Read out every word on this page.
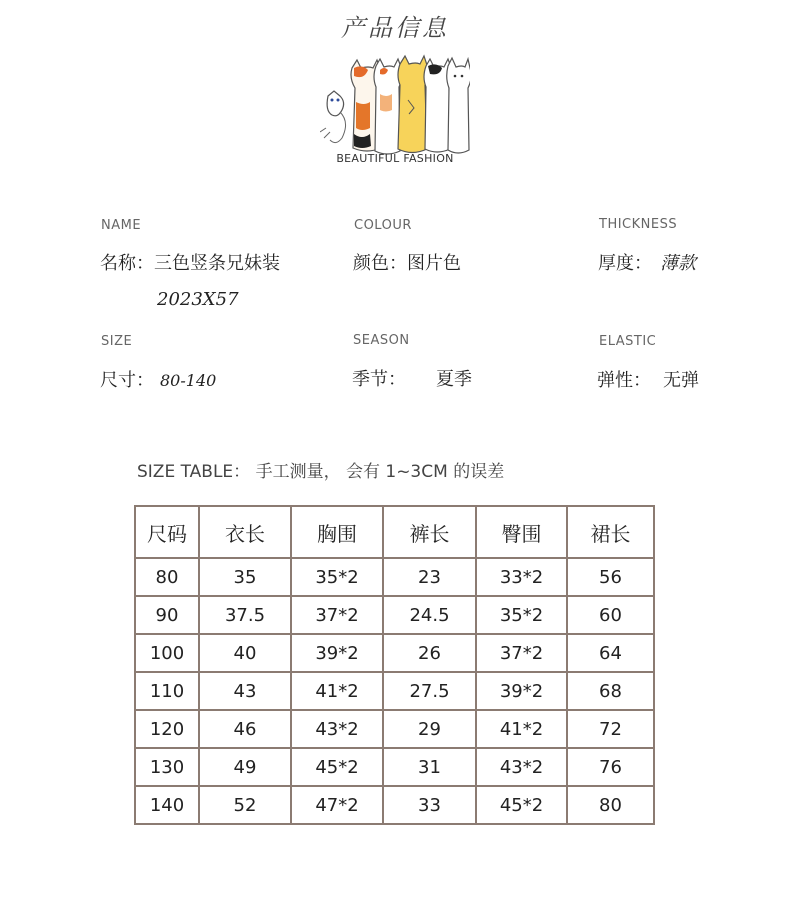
产品信息
BEAUTIFUL FASHION
NAME
名称：三色竖条兄妹装
2023X57
COLOUR
颜色：图片色
THICKNESS
厚度： 薄款
SIZE
尺寸： 80-140
SEASON
季节： 夏季
ELASTIC
弹性： 无弹
SIZE TABLE： 手工测量， 会有 1~3CM 的误差
尺码	衣长	胸围	裤长	臀围	裙长
80	35	35*2	23	33*2	56
90	37.5	37*2	24.5	35*2	60
100	40	39*2	26	37*2	64
110	43	41*2	27.5	39*2	68
120	46	43*2	29	41*2	72
130	49	45*2	31	43*2	76
140	52	47*2	33	45*2	80
